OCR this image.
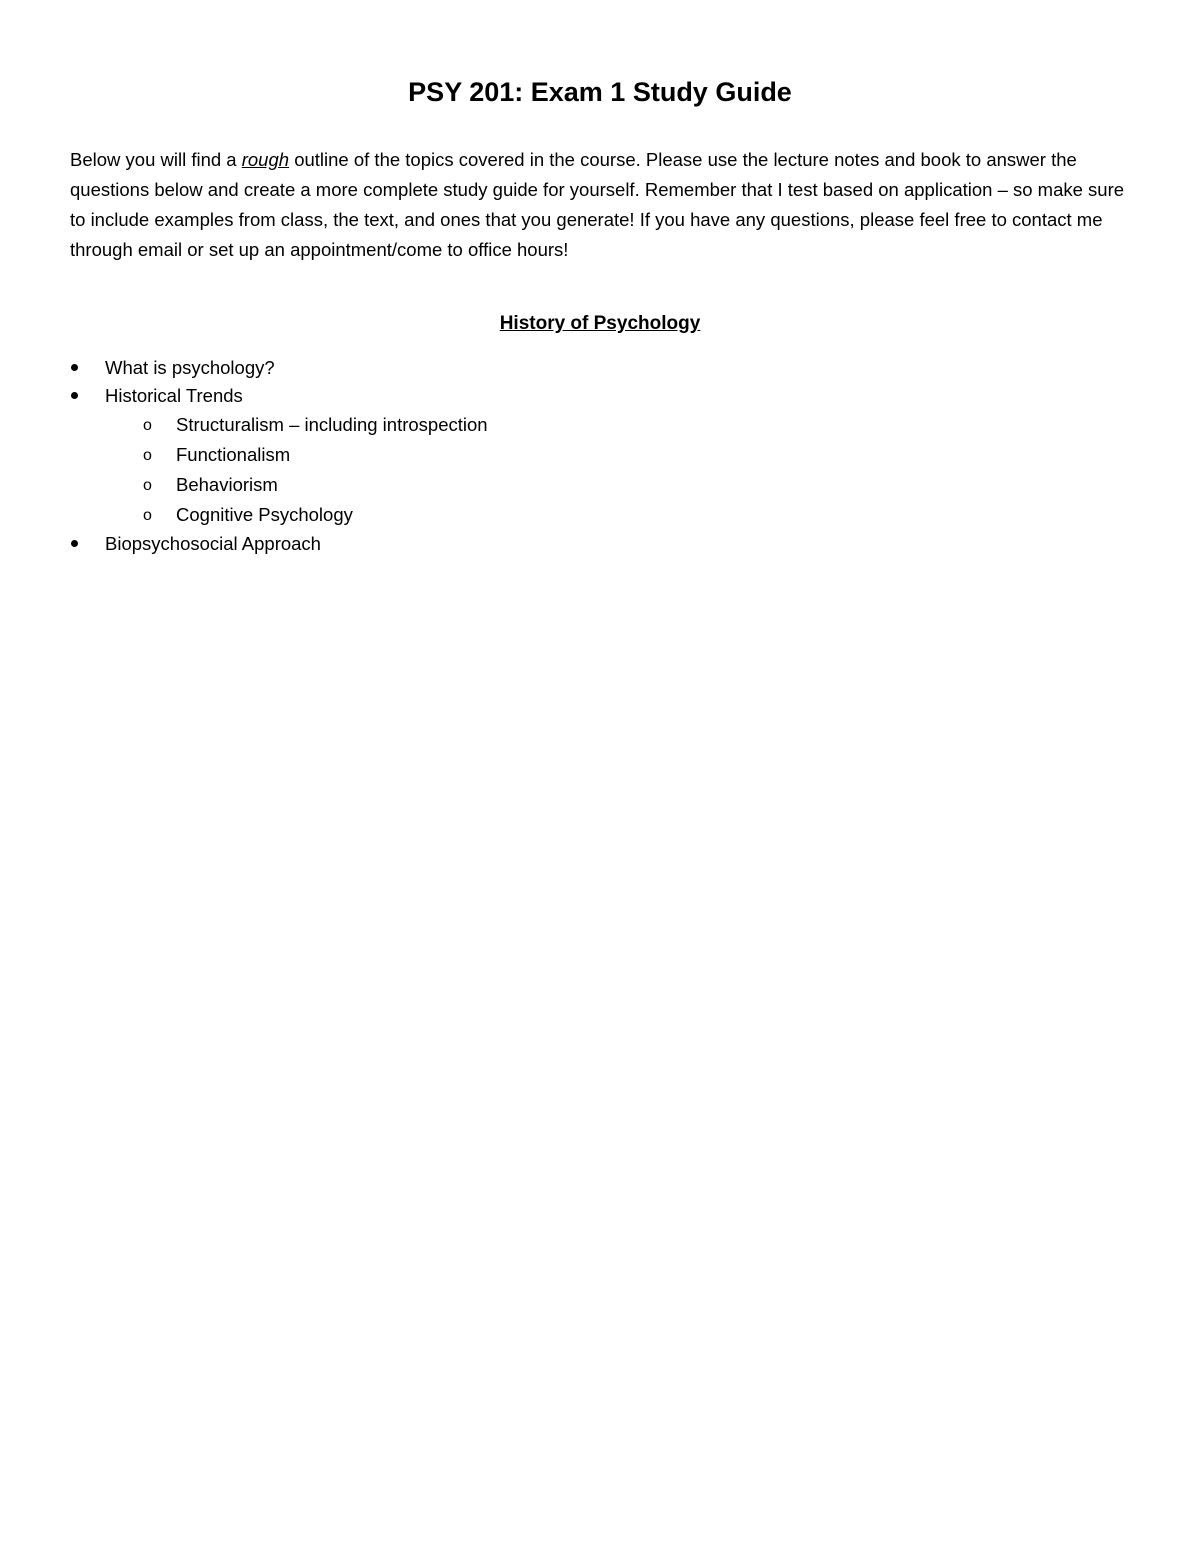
PSY 201: Exam 1 Study Guide

Below you will find a rough outline of the topics covered in the course. Please use the lecture notes and book to answer the questions below and create a more complete study guide for yourself. Remember that I test based on application – so make sure to include examples from class, the text, and ones that you generate! If you have any questions, please feel free to contact me through email or set up an appointment/come to office hours!

History of Psychology
What is psychology?
Historical Trends
o Structuralism – including introspection
o Functionalism
o Behaviorism
o Cognitive Psychology
Biopsychosocial Approach
